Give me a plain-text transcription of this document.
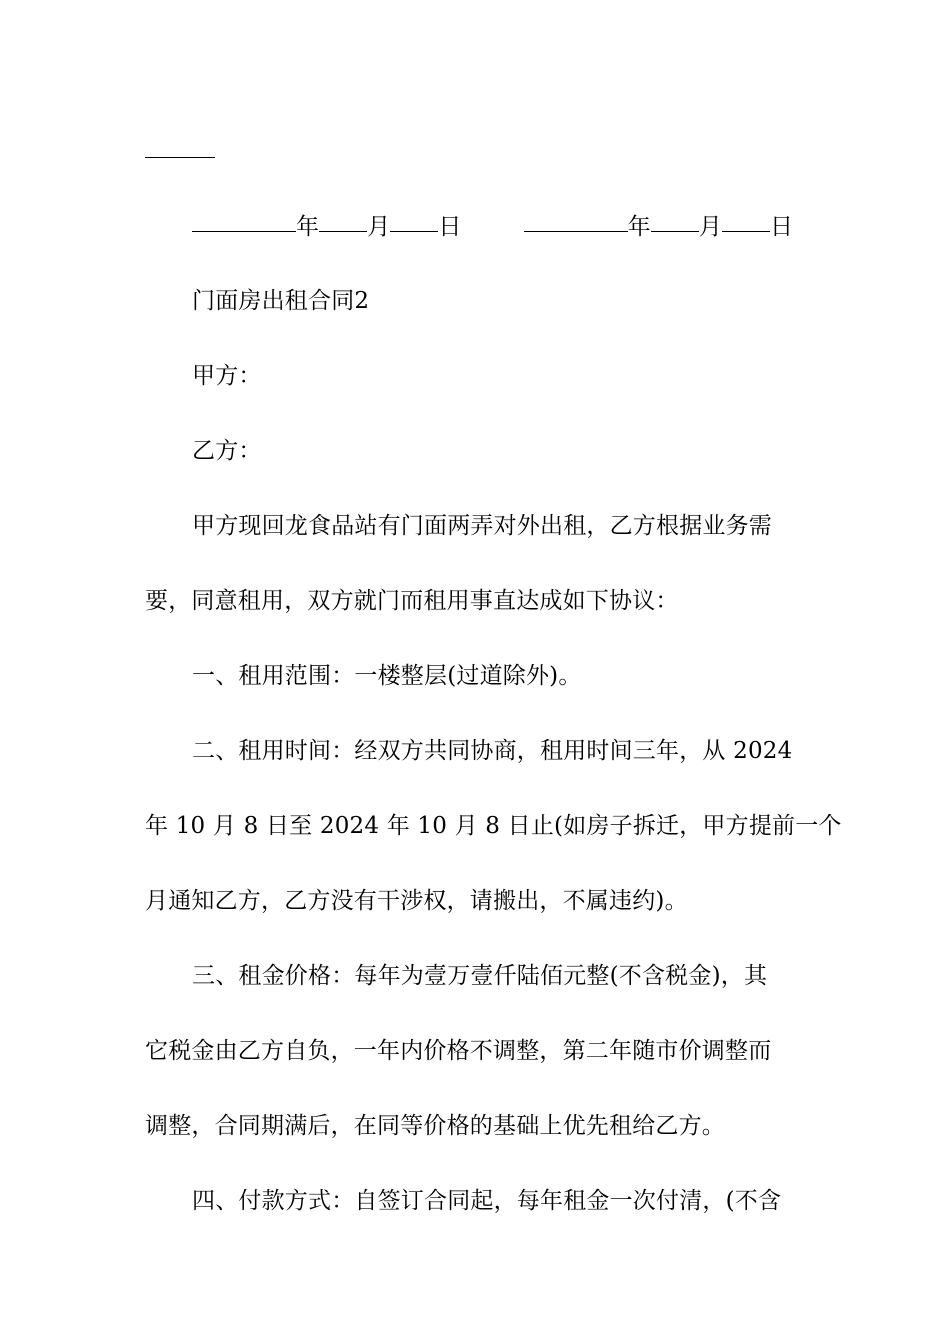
年 月 日	年 月 日
门面房出租合同2
甲方：
乙方：
甲方现回龙食品站有门面两弄对外出租，乙方根据业务需
要，同意租用，双方就门而租用事直达成如下协议：
一、租用范围：一楼整层(过道除外)。
二、租用时间：经双方共同协商，租用时间三年，从 2024
年 10 月 8 日至 2024 年 10 月 8 日止(如房子拆迁，甲方提前一个
月通知乙方，乙方没有干涉权，请搬出，不属违约)。
三、租金价格：每年为壹万壹仟陆佰元整(不含税金)，其
它税金由乙方自负，一年内价格不调整，第二年随市价调整而
调整，合同期满后，在同等价格的基础上优先租给乙方。
四、付款方式：自签订合同起，每年租金一次付清，(不含
